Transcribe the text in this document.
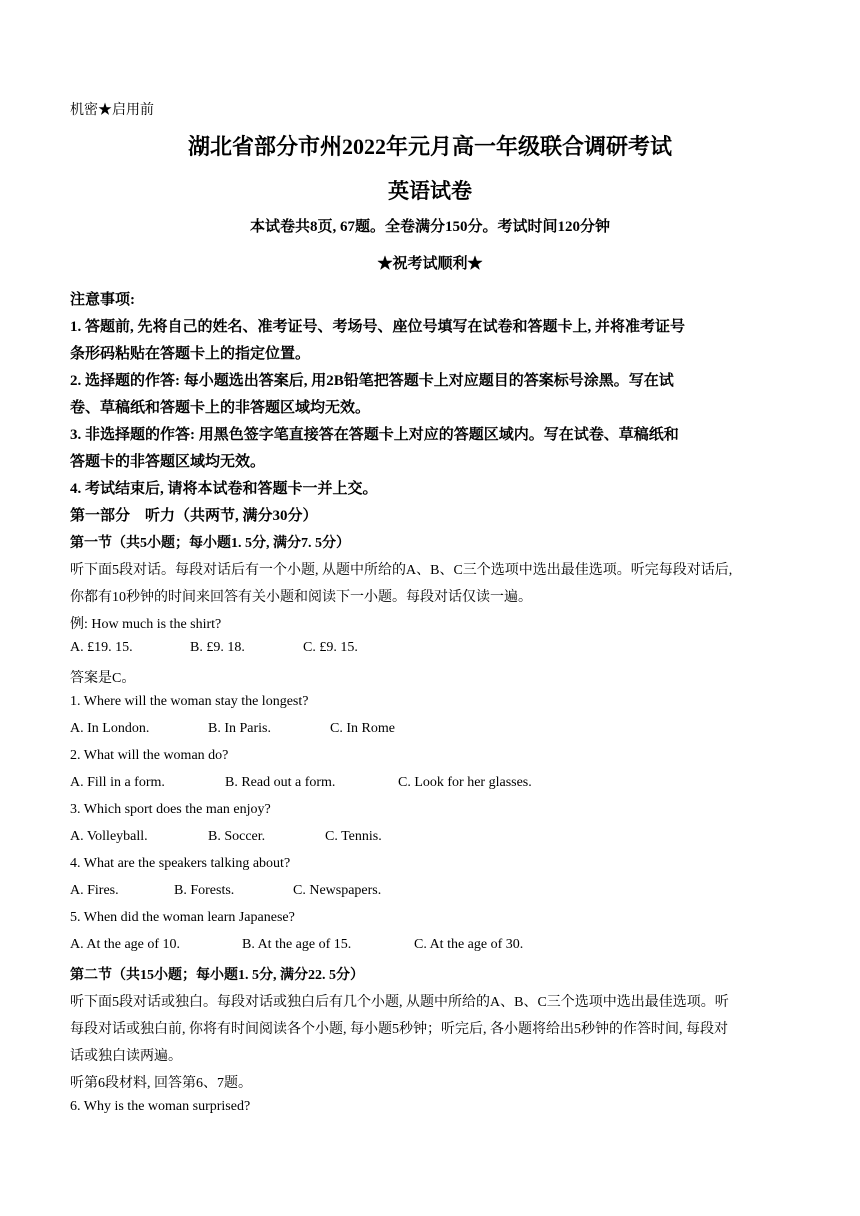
机密★启用前
湖北省部分市州2022年元月高一年级联合调研考试
英语试卷
本试卷共8页, 67题。全卷满分150分。考试时间120分钟
★祝考试顺利★
注意事项:
1. 答题前, 先将自己的姓名、准考证号、考场号、座位号填写在试卷和答题卡上, 并将准考证号
条形码粘贴在答题卡上的指定位置。
2. 选择题的作答: 每小题选出答案后, 用2B铅笔把答题卡上对应题目的答案标号涂黑。写在试
卷、草稿纸和答题卡上的非答题区域均无效。
3. 非选择题的作答: 用黑色签字笔直接答在答题卡上对应的答题区域内。写在试卷、草稿纸和
答题卡的非答题区域均无效。
4. 考试结束后, 请将本试卷和答题卡一并上交。
第一部分　听力（共两节, 满分30分）
第一节（共5小题；每小题1. 5分, 满分7. 5分）
听下面5段对话。每段对话后有一个小题, 从题中所给的A、B、C三个选项中选出最佳选项。听完每段对话后,
你都有10秒钟的时间来回答有关小题和阅读下一小题。每段对话仅读一遍。
例: How much is the shirt?
A. £19. 15.	B. £9. 18.	C. £9. 15.
答案是C。
1. Where will the woman stay the longest?
A. In London.	B. In Paris.	C. In Rome
2. What will the woman do?
A. Fill in a form.	B. Read out a form.	C. Look for her glasses.
3. Which sport does the man enjoy?
A. Volleyball.	B. Soccer.	C. Tennis.
4. What are the speakers talking about?
A. Fires.	B. Forests.	C. Newspapers.
5. When did the woman learn Japanese?
A. At the age of 10.	B. At the age of 15.	C. At the age of 30.
第二节（共15小题；每小题1. 5分, 满分22. 5分）
听下面5段对话或独白。每段对话或独白后有几个小题, 从题中所给的A、B、C三个选项中选出最佳选项。听
每段对话或独白前, 你将有时间阅读各个小题, 每小题5秒钟；听完后, 各小题将给出5秒钟的作答时间, 每段对
话或独白读两遍。
听第6段材料, 回答第6、7题。
6. Why is the woman surprised?
